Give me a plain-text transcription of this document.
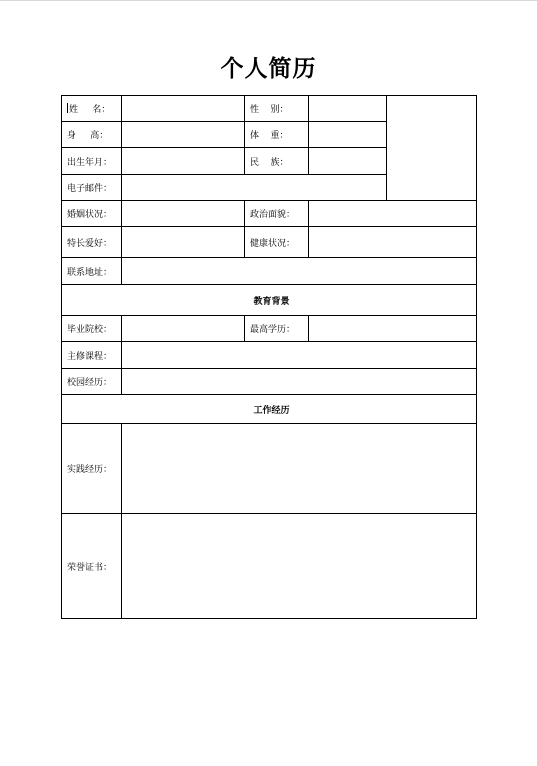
个人简历
姓     名：		性    别：		
身     高：		体    重：		
出生年月：		民    族：		
电子邮件：				
婚姻状况：		政治面貌：		
特长爱好：		健康状况：		
联系地址：				
教育背景				
毕业院校：		最高学历：		
主修课程：				
校园经历：				
工作经历				
实践经历：				
荣誉证书：				
